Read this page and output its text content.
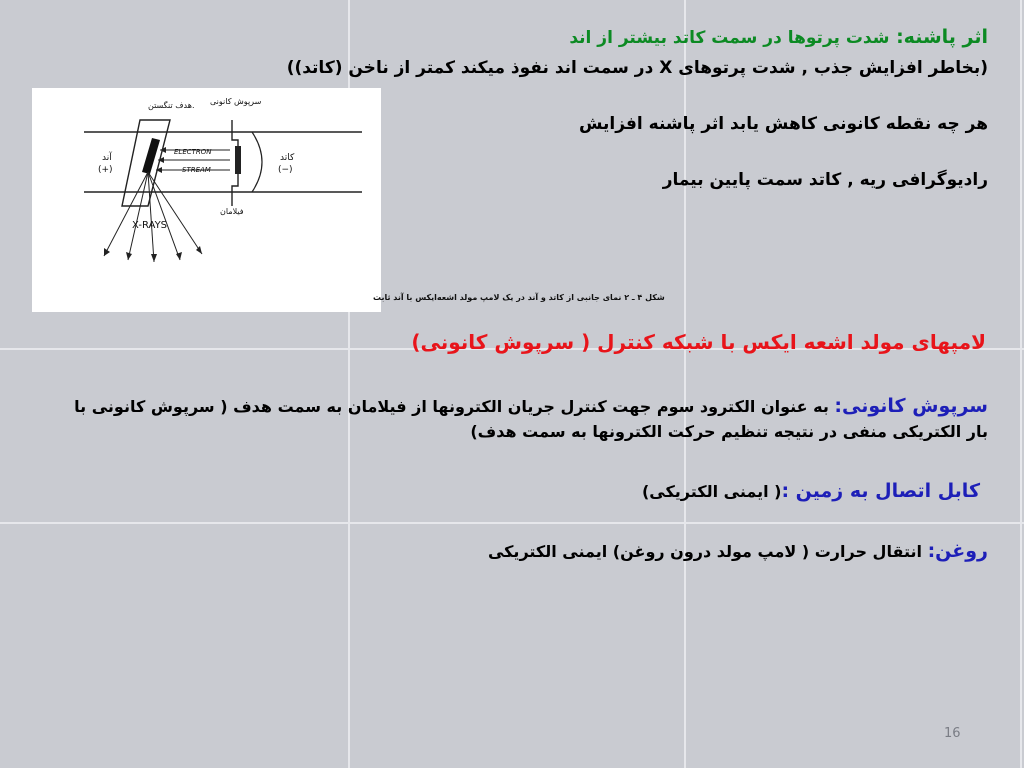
اثر پاشنه: شدت پرتوها در سمت کاتد بیشتر از اند
(بخاطر افزایش جذب , شدت پرتوهای X در سمت اند نفوذ میکند کمتر از ناخن (کاتد))
هر چه نقطه کانونی کاهش یابد اثر پاشنه افزایش
رادیوگرافی ریه , کاتد سمت پایین بیمار
هدف تنگستن. سرپوش کانونی
آند
(+)
کاتد
(−)
ELECTRON
STREAM
X-RAYS
فیلامان
شکل ۴ ـ ۲ نمای جانبی از کاتد و آند در یک لامپ مولد اشعه‌ایکس با آند ثابت
لامپهای مولد اشعه ایکس با شبکه کنترل ( سرپوش کانونی)
سرپوش کانونی: به عنوان الکترود سوم جهت کنترل جریان الکترونها از فیلامان به سمت هدف ( سرپوش کانونی با بار الکتریکی منفی در نتیجه تنظیم حرکت الکترونها به سمت هدف)
کابل اتصال به زمین :( ایمنی الکتریکی)
روغن: انتقال حرارت ( لامپ مولد درون روغن) ایمنی الکتریکی
16
